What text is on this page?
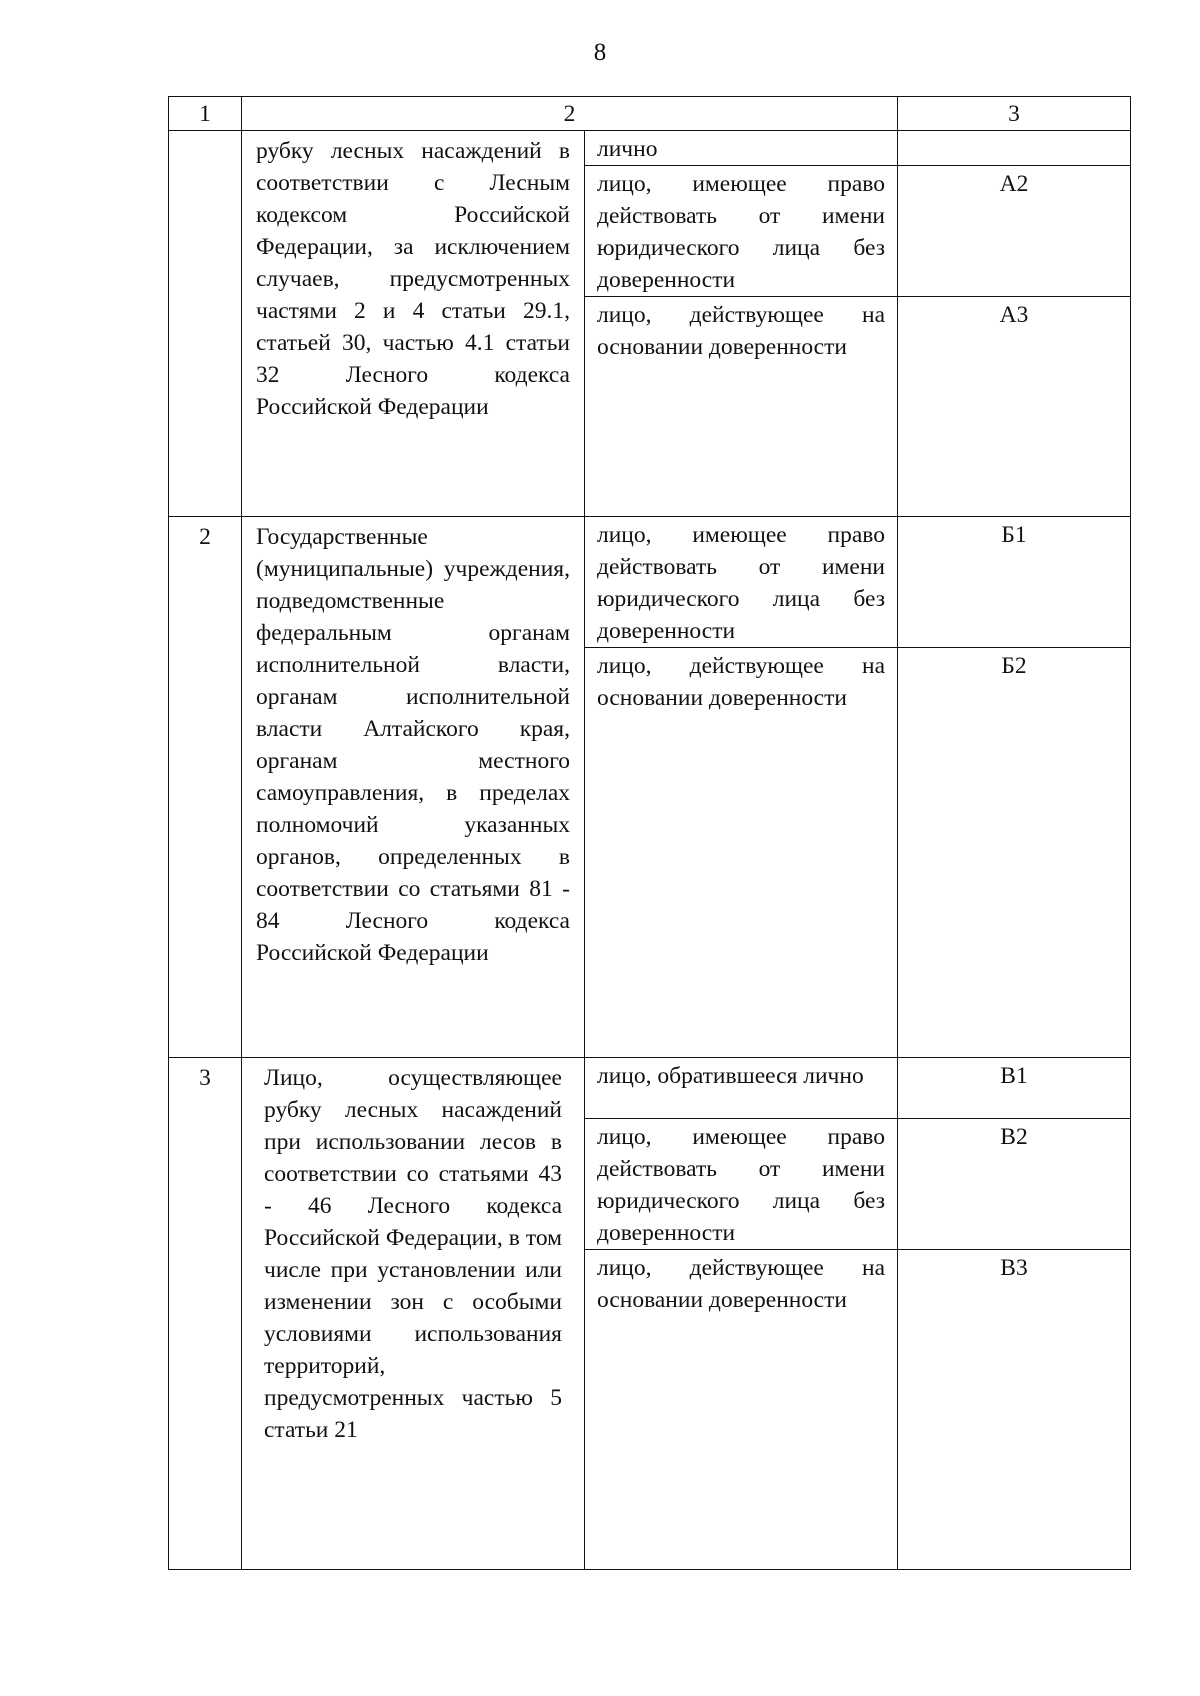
8
1	2		3

	рубку лесных насаждений в соответствии с Лесным кодексом Российской Федерации, за исключением случаев, предусмотренных частями 2 и 4 статьи 29.1, статьей 30, частью 4.1 статьи 32 Лесного кодекса Российской Федерации	лично	
		лицо, имеющее право действовать от имени юридического лица без доверенности	А2
		лицо, действующее на основании доверенности	А3
2	Государственные (муниципальные) учреждения, подведомственные федеральным органам исполнительной власти, органам исполнительной власти Алтайского края, органам местного самоуправления, в пределах полномочий указанных органов, определенных в соответствии со статьями 81 - 84 Лесного кодекса Российской Федерации	лицо, имеющее право действовать от имени юридического лица без доверенности	Б1
		лицо, действующее на основании доверенности	Б2
3	Лицо, осуществляющее рубку лесных насаждений при использовании лесов в соответствии со статьями 43 - 46 Лесного кодекса Российской Федерации, в том числе при установлении или изменении зон с особыми условиями использования территорий, предусмотренных частью 5 статьи 21	лицо, обратившееся лично	В1
		лицо, имеющее право действовать от имени юридического лица без доверенности	В2
		лицо, действующее на основании доверенности	В3
